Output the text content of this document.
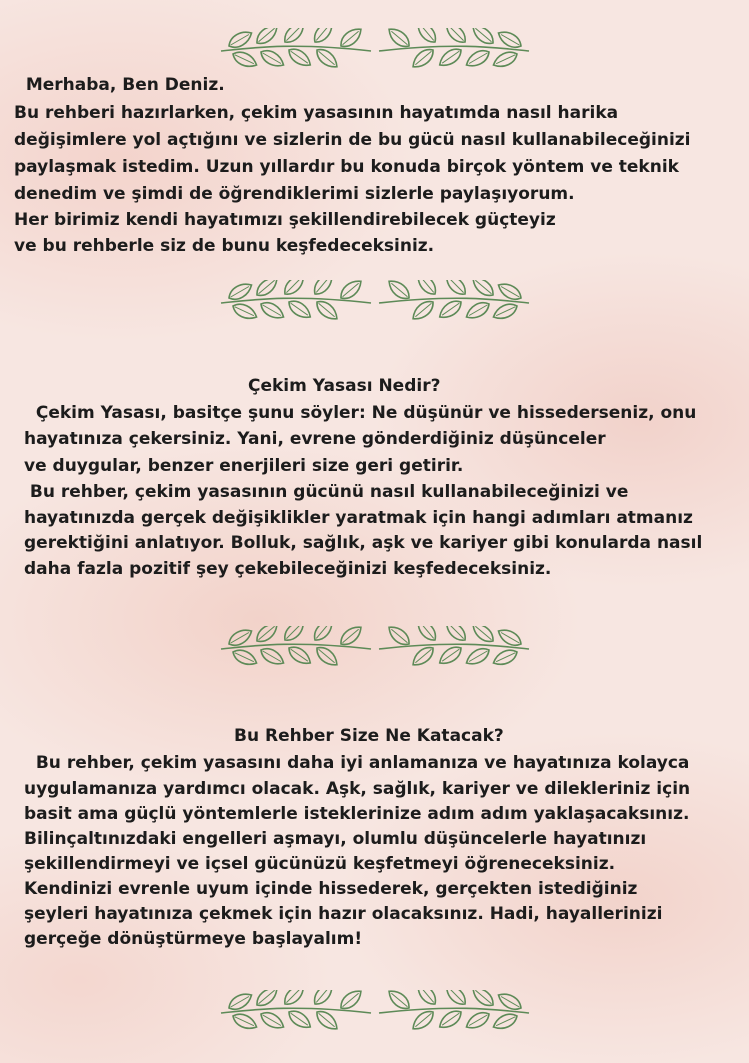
Merhaba, Ben Deniz.
Bu rehberi hazırlarken, çekim yasasının hayatımda nasıl harika
değişimlere yol açtığını ve sizlerin de bu gücü nasıl kullanabileceğinizi
paylaşmak istedim. Uzun yıllardır bu konuda birçok yöntem ve teknik
denedim ve şimdi de öğrendiklerimi sizlerle paylaşıyorum.
Her birimiz kendi hayatımızı şekillendirebilecek güçteyiz
ve bu rehberle siz de bunu keşfedeceksiniz.
Çekim Yasası Nedir?
Çekim Yasası, basitçe şunu söyler: Ne düşünür ve hissederseniz, onu
hayatınıza çekersiniz. Yani, evrene gönderdiğiniz düşünceler
ve duygular, benzer enerjileri size geri getirir.
Bu rehber, çekim yasasının gücünü nasıl kullanabileceğinizi ve
hayatınızda gerçek değişiklikler yaratmak için hangi adımları atmanız
gerektiğini anlatıyor. Bolluk, sağlık, aşk ve kariyer gibi konularda nasıl
daha fazla pozitif şey çekebileceğinizi keşfedeceksiniz.
Bu Rehber Size Ne Katacak?
Bu rehber, çekim yasasını daha iyi anlamanıza ve hayatınıza kolayca
uygulamanıza yardımcı olacak. Aşk, sağlık, kariyer ve dilekleriniz için
basit ama güçlü yöntemlerle isteklerinize adım adım yaklaşacaksınız.
Bilinçaltınızdaki engelleri aşmayı, olumlu düşüncelerle hayatınızı
şekillendirmeyi ve içsel gücünüzü keşfetmeyi öğreneceksiniz.
Kendinizi evrenle uyum içinde hissederek, gerçekten istediğiniz
şeyleri hayatınıza çekmek için hazır olacaksınız. Hadi, hayallerinizi
gerçeğe dönüştürmeye başlayalım!
